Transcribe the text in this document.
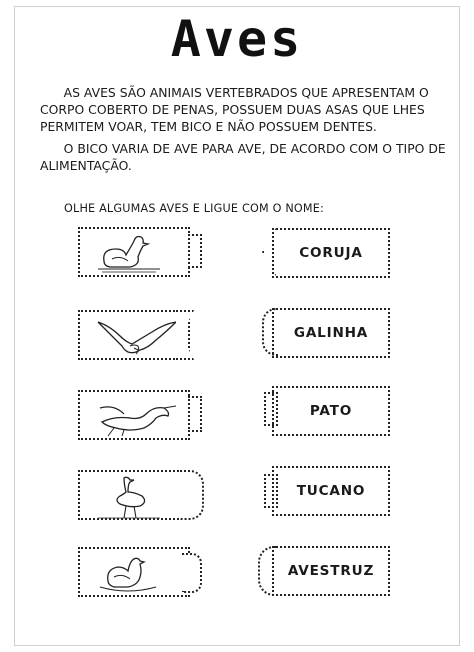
Aves

AS AVES SÃO ANIMAIS VERTEBRADOS QUE APRESENTAM O CORPO COBERTO DE PENAS, POSSUEM DUAS ASAS QUE LHES PERMITEM VOAR, TEM BICO E NÃO POSSUEM DENTES.

O BICO VARIA DE AVE PARA AVE, DE ACORDO COM O TIPO DE ALIMENTAÇÃO.

OLHE ALGUMAS AVES E LIGUE COM O NOME:
CORUJA
GALINHA
PATO
TUCANO
AVESTRUZ
